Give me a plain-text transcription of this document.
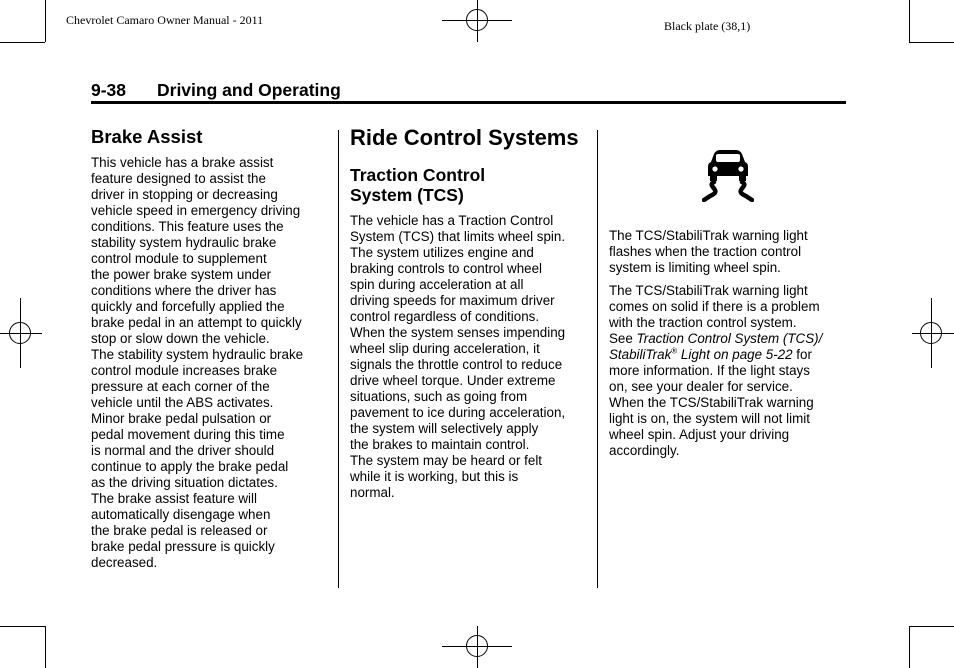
Chevrolet Camaro Owner Manual - 2011	Black plate (38,1)
9-38 Driving and Operating
Brake Assist
This vehicle has a brake assist
feature designed to assist the
driver in stopping or decreasing
vehicle speed in emergency driving
conditions. This feature uses the
stability system hydraulic brake
control module to supplement
the power brake system under
conditions where the driver has
quickly and forcefully applied the
brake pedal in an attempt to quickly
stop or slow down the vehicle.
The stability system hydraulic brake
control module increases brake
pressure at each corner of the
vehicle until the ABS activates.
Minor brake pedal pulsation or
pedal movement during this time
is normal and the driver should
continue to apply the brake pedal
as the driving situation dictates.
The brake assist feature will
automatically disengage when
the brake pedal is released or
brake pedal pressure is quickly
decreased.
Ride Control Systems
Traction Control
System (TCS)
The vehicle has a Traction Control
System (TCS) that limits wheel spin.
The system utilizes engine and
braking controls to control wheel
spin during acceleration at all
driving speeds for maximum driver
control regardless of conditions.
When the system senses impending
wheel slip during acceleration, it
signals the throttle control to reduce
drive wheel torque. Under extreme
situations, such as going from
pavement to ice during acceleration,
the system will selectively apply
the brakes to maintain control.
The system may be heard or felt
while it is working, but this is
normal.

The TCS/StabiliTrak warning light
flashes when the traction control
system is limiting wheel spin.

The TCS/StabiliTrak warning light
comes on solid if there is a problem
with the traction control system.
See Traction Control System (TCS)/
StabiliTrak® Light on page 5-22 for
more information. If the light stays
on, see your dealer for service.
When the TCS/StabiliTrak warning
light is on, the system will not limit
wheel spin. Adjust your driving
accordingly.
